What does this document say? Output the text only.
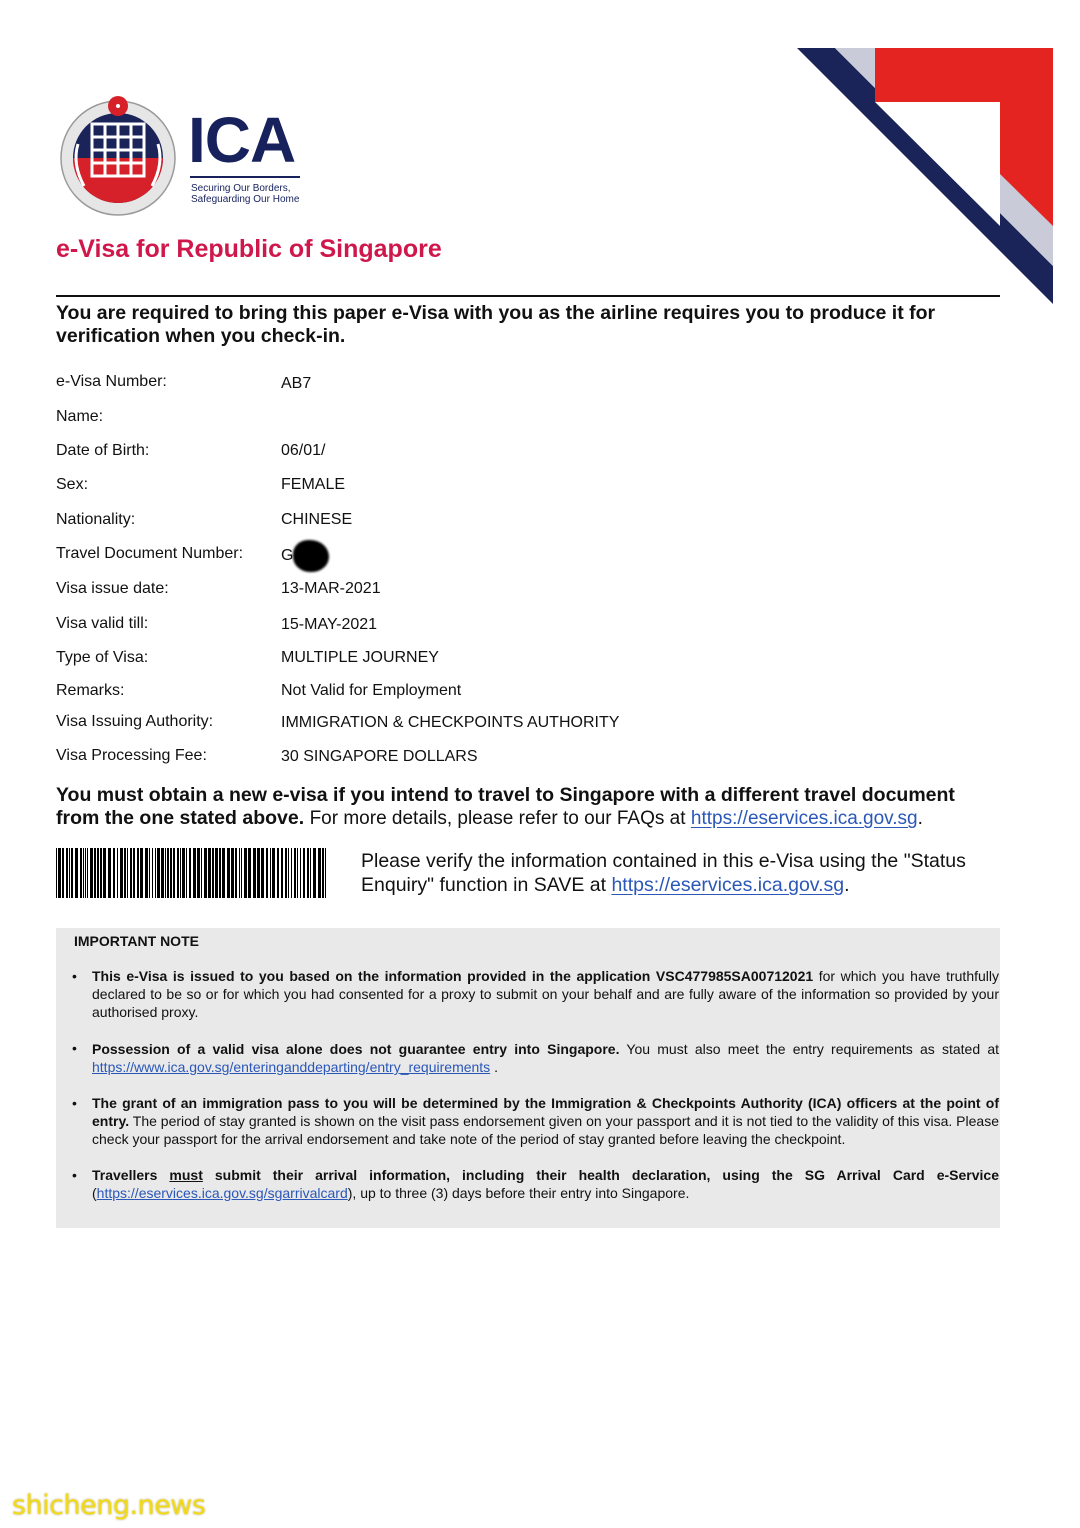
ICA
Securing Our Borders,
Safeguarding Our Home
e-Visa for Republic of Singapore
You are required to bring this paper e-Visa with you as the airline requires you to produce it for verification when you check-in.
e-Visa Number:	AB7
Name:
Date of Birth:	06/01/
Sex:	FEMALE
Nationality:	CHINESE
Travel Document Number: G
Visa issue date:	13-MAR-2021
Visa valid till:	15-MAY-2021
Type of Visa:	MULTIPLE JOURNEY
Remarks:	Not Valid for Employment
Visa Issuing Authority:	IMMIGRATION & CHECKPOINTS AUTHORITY
Visa Processing Fee:	30 SINGAPORE DOLLARS
You must obtain a new e-visa if you intend to travel to Singapore with a different travel document from the one stated above. For more details, please refer to our FAQs at https://eservices.ica.gov.sg.
Please verify the information contained in this e-Visa using the "Status Enquiry" function in SAVE at https://eservices.ica.gov.sg.
IMPORTANT NOTE
• This e-Visa is issued to you based on the information provided in the application VSC477985SA00712021 for which you have truthfully declared to be so or for which you had consented for a proxy to submit on your behalf and are fully aware of the information so provided by your authorised proxy.
• Possession of a valid visa alone does not guarantee entry into Singapore. You must also meet the entry requirements as stated at https://www.ica.gov.sg/enteringanddeparting/entry_requirements .
• The grant of an immigration pass to you will be determined by the Immigration & Checkpoints Authority (ICA) officers at the point of entry. The period of stay granted is shown on the visit pass endorsement given on your passport and it is not tied to the validity of this visa. Please check your passport for the arrival endorsement and take note of the period of stay granted before leaving the checkpoint.
• Travellers must submit their arrival information, including their health declaration, using the SG Arrival Card e-Service (https://eservices.ica.gov.sg/sgarrivalcard), up to three (3) days before their entry into Singapore.
shicheng.news
